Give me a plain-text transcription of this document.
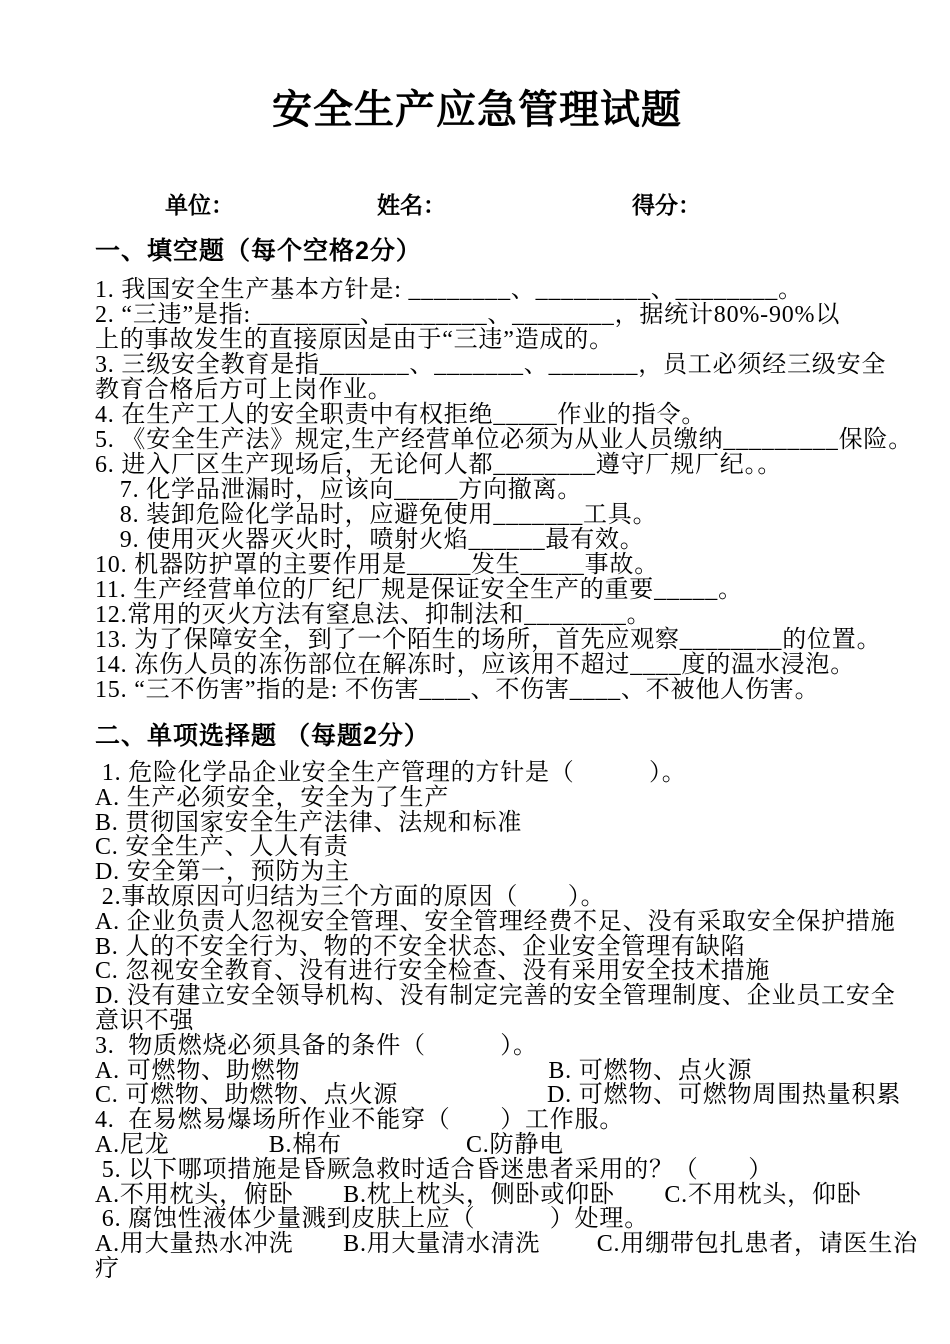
安全生产应急管理试题
单位：	姓名：	得分：
一、填空题（每个空格2分）

1. 我国安全生产基本方针是: ________、_________、________。

2. “三违”是指: ________、________、________，据统计80%-90%以

上的事故发生的直接原因是由于“三违”造成的。

3. 三级安全教育是指_______、_______、_______，员工必须经三级安全

教育合格后方可上岗作业。

4. 在生产工人的安全职责中有权拒绝_____作业的指令。

5. 《安全生产法》规定,生产经营单位必须为从业人员缴纳_________保险。

6. 进入厂区生产现场后，无论何人都________遵守厂规厂纪。。

　7. 化学品泄漏时，应该向_____方向撤离。

　8. 装卸危险化学品时，应避免使用_______工具。

　9. 使用灭火器灭火时，喷射火焰______最有效。

10. 机器防护罩的主要作用是_____发生_____事故。

11. 生产经营单位的厂纪厂规是保证安全生产的重要_____。

12.常用的灭火方法有窒息法、抑制法和________。

13. 为了保障安全，到了一个陌生的场所，首先应观察________的位置。

14. 冻伤人员的冻伤部位在解冻时，应该用不超过____度的温水浸泡。

15. “三不伤害”指的是: 不伤害____、不伤害____、不被他人伤害。

二、单项选择题 （每题2分）

1. 危险化学品企业安全生产管理的方针是（　　　）。

A. 生产必须安全，安全为了生产

B. 贯彻国家安全生产法律、法规和标准

C. 安全生产、人人有责

D. 安全第一，预防为主

2.事故原因可归结为三个方面的原因（　　）。

A. 企业负责人忽视安全管理、安全管理经费不足、没有采取安全保护措施

B. 人的不安全行为、物的不安全状态、企业安全管理有缺陷

C. 忽视安全教育、没有进行安全检查、没有采用安全技术措施

D. 没有建立安全领导机构、没有制定完善的安全管理制度、企业员工安全

意识不强

3.  物质燃烧必须具备的条件（　　　）。

A. 可燃物、助燃物　　　　　　　　　　B. 可燃物、点火源

C. 可燃物、助燃物、点火源　　　　　　D. 可燃物、可燃物周围热量积累

4.  在易燃易爆场所作业不能穿（　　）工作服。

A.尼龙　　　　B.棉布　　　　　C.防静电

5. 以下哪项措施是昏厥急救时适合昏迷患者采用的？（　　）

A.不用枕头，俯卧　　B.枕上枕头，侧卧或仰卧　　C.不用枕头，仰卧

6. 腐蚀性液体少量溅到皮肤上应（　　　）处理。

A.用大量热水冲洗　　B.用大量清水清洗　　 C.用绷带包扎患者，请医生治

疗
